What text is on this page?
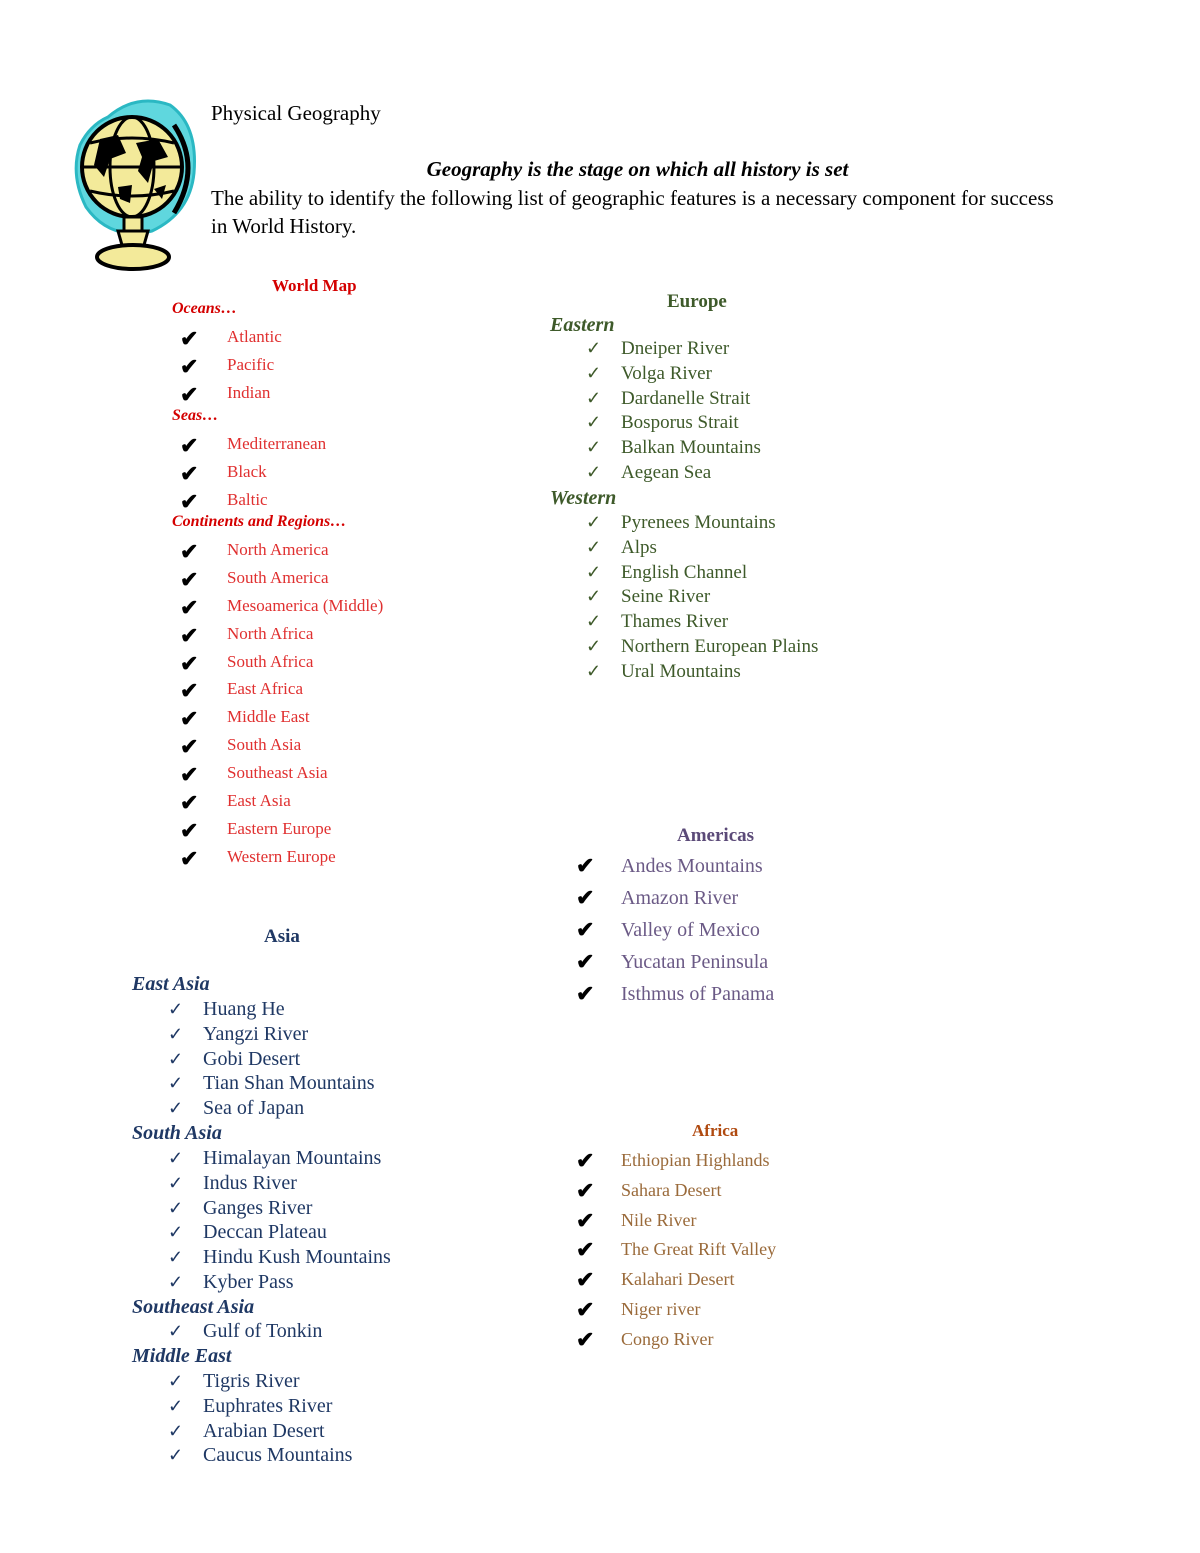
Physical Geography
Geography is the stage on which all history is set
The ability to identify the following list of geographic features is a necessary component for success in World History.
World Map
Oceans…
✔ Atlantic
✔ Pacific
✔ Indian
Seas…
✔ Mediterranean
✔ Black
✔ Baltic
Continents and Regions…
✔ North America
✔ South America
✔ Mesoamerica (Middle)
✔ North Africa
✔ South Africa
✔ East Africa
✔ Middle East
✔ South Asia
✔ Southeast Asia
✔ East Asia
✔ Eastern Europe
✔ Western Europe
Europe
Eastern
✓ Dneiper River
✓ Volga River
✓ Dardanelle Strait
✓ Bosporus Strait
✓ Balkan Mountains
✓ Aegean Sea
Western
✓ Pyrenees Mountains
✓ Alps
✓ English Channel
✓ Seine River
✓ Thames River
✓ Northern European Plains
✓ Ural Mountains
Americas
✔ Andes Mountains
✔ Amazon River
✔ Valley of Mexico
✔ Yucatan Peninsula
✔ Isthmus of Panama
Asia
East Asia
✓ Huang He
✓ Yangzi River
✓ Gobi Desert
✓ Tian Shan Mountains
✓ Sea of Japan
South Asia
✓ Himalayan Mountains
✓ Indus River
✓ Ganges River
✓ Deccan Plateau
✓ Hindu Kush Mountains
✓ Kyber Pass
Southeast Asia
✓ Gulf of Tonkin
Middle East
✓ Tigris River
✓ Euphrates River
✓ Arabian Desert
✓ Caucus Mountains
Africa
✔ Ethiopian Highlands
✔ Sahara Desert
✔ Nile River
✔ The Great Rift Valley
✔ Kalahari Desert
✔ Niger river
✔ Congo River
